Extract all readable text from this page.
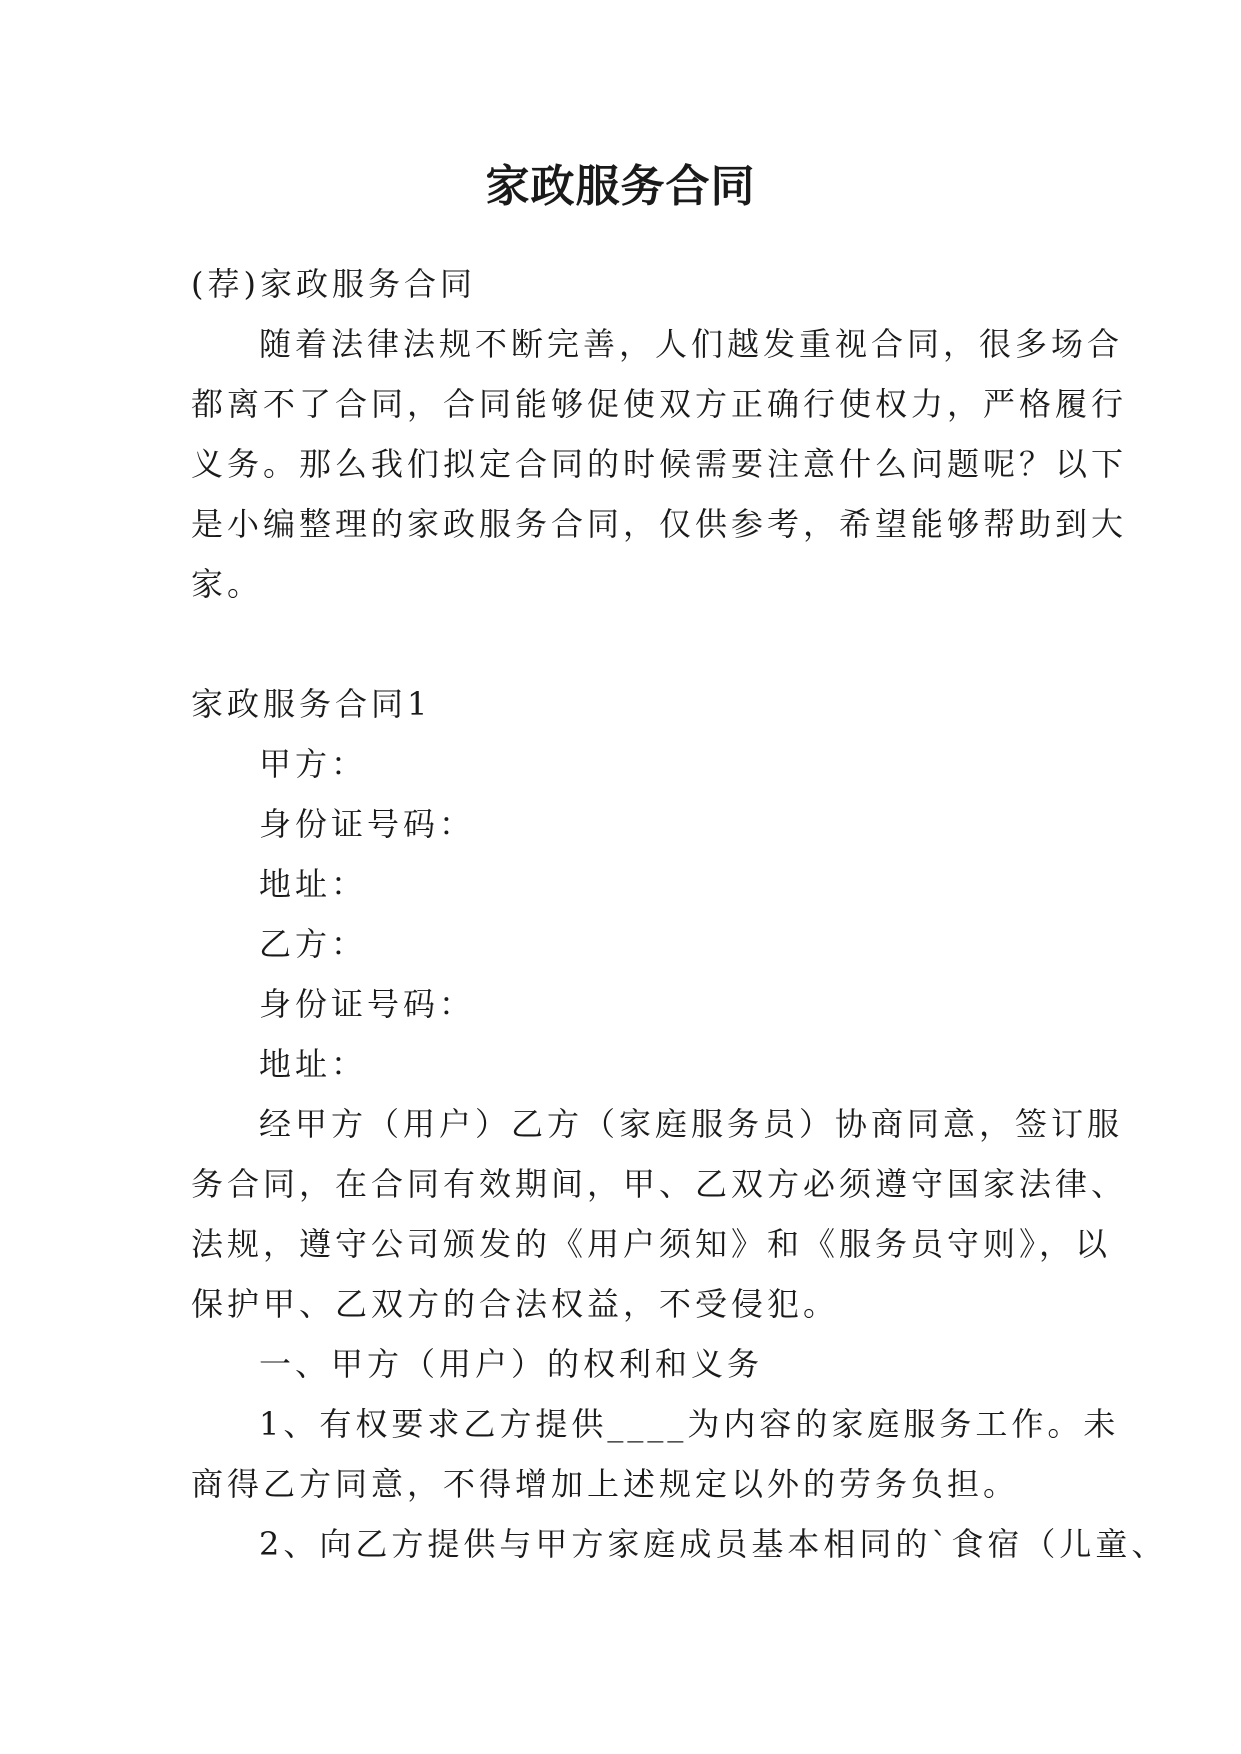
家政服务合同
(荐)家政服务合同
随着法律法规不断完善，人们越发重视合同，很多场合
都离不了合同，合同能够促使双方正确行使权力，严格履行
义务。那么我们拟定合同的时候需要注意什么问题呢？以下
是小编整理的家政服务合同，仅供参考，希望能够帮助到大
家。
家政服务合同1
甲方：
身份证号码：
地址：
乙方：
身份证号码：
地址：
经甲方（用户）乙方（家庭服务员）协商同意，签订服
务合同，在合同有效期间，甲、乙双方必须遵守国家法律、
法规，遵守公司颁发的《用户须知》和《服务员守则》，以
保护甲、乙双方的合法权益，不受侵犯。
一、甲方（用户）的权利和义务
1、有权要求乙方提供____为内容的家庭服务工作。未
商得乙方同意，不得增加上述规定以外的劳务负担。
2、向乙方提供与甲方家庭成员基本相同的`食宿（儿童、
